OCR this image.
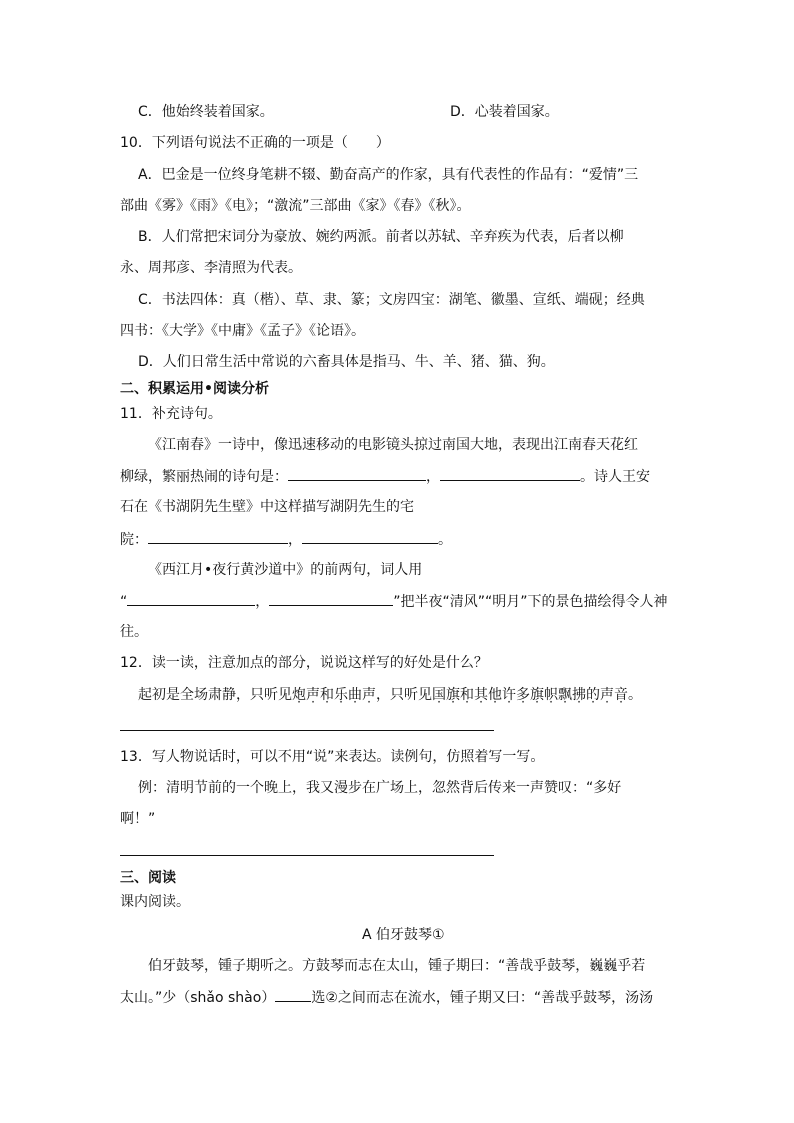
C．他始终装着国家。	D．心装着国家。
10．下列语句说法不正确的一项是（　　）
A．巴金是一位终身笔耕不辍、勤奋高产的作家，具有代表性的作品有：“爱情”三
部曲《雾》《雨》《电》；“激流”三部曲《家》《春》《秋》。
B．人们常把宋词分为豪放、婉约两派。前者以苏轼、辛弃疾为代表，后者以柳
永、周邦彦、李清照为代表。
C．书法四体：真（楷）、草、隶、篆；文房四宝：湖笔、徽墨、宣纸、端砚；经典
四书：《大学》《中庸》《孟子》《论语》。
D．人们日常生活中常说的六畜具体是指马、牛、羊、猪、猫、狗。
二、积累运用•阅读分析
11．补充诗句。
《江南春》一诗中，像迅速移动的电影镜头掠过南国大地，表现出江南春天花红
柳绿，繁丽热闹的诗句是：	，	。诗人王安
石在《书湖阴先生壁》中这样描写湖阴先生的宅
院：	，	。
《西江月•夜行黄沙道中》的前两句，词人用
“	，	”把半夜“清风”“明月”下的景色描绘得令人神
往。
12．读一读，注意加点的部分，说说这样写的好处是什么？
起初是全场肃静，只听见炮声和乐曲声，只听见国旗和其他许多旗帜飘拂的声音。
13．写人物说话时，可以不用“说”来表达。读例句，仿照着写一写。
例：清明节前的一个晚上，我又漫步在广场上，忽然背后传来一声赞叹：“多好
啊！”
三、阅读
课内阅读。
A 伯牙鼓琴①
伯牙鼓琴，锺子期听之。方鼓琴而志在太山，锺子期曰：“善哉乎鼓琴，巍巍乎若
太山。”少（shǎo shào）	选②之间而志在流水，锺子期又曰：“善哉乎鼓琴，汤汤
